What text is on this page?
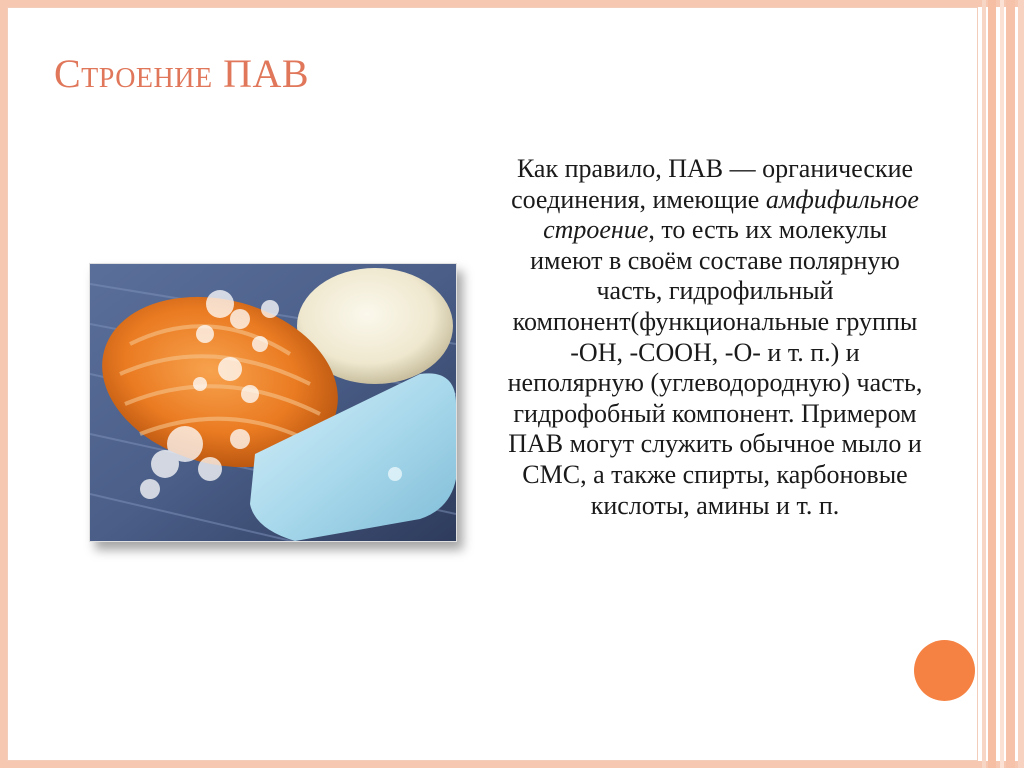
Строение ПАВ

Как правило, ПАВ — органические соединения, имеющие амфифильное строение, то есть их молекулы имеют в своём составе полярную часть, гидрофильный компонент(функциональные группы -ОН, -СООН, -О- и т. п.) и неполярную (углеводородную) часть, гидрофобный компонент. Примером ПАВ могут служить обычное мыло и СМС, а также спирты, карбоновые кислоты, амины и т. п.
